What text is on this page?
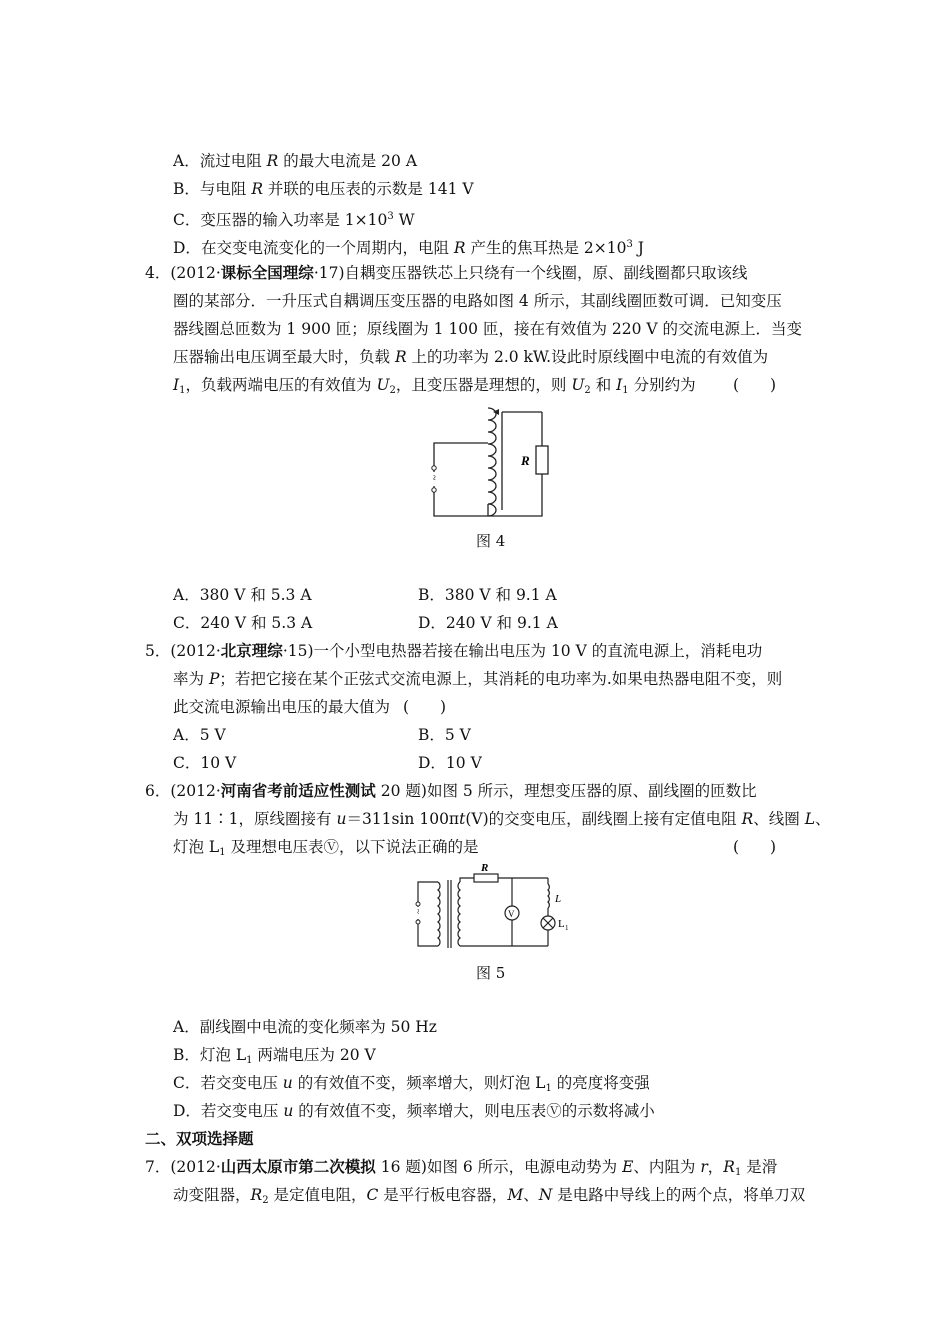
A．流过电阻 R 的最大电流是 20 A
B．与电阻 R 并联的电压表的示数是 141 V
C．变压器的输入功率是 $1\times 10^3$ W
D．在交变电流变化的一个周期内，电阻 R 产生的焦耳热是 $2\times 10^3$ J
4．(2012·课标全国理综·17)自耦变压器铁芯上只绕有一个线圈，原、副线圈都只取该线
圈的某部分．一升压式自耦调压变压器的电路如图 4 所示，其副线圈匝数可调．已知变压
器线圈总匝数为 1 900 匝；原线圈为 1 100 匝，接在有效值为 220 V 的交流电源上．当变
压器输出电压调至最大时，负载 R 上的功率为 2.0 kW.设此时原线圈中电流的有效值为
$I_1$，负载两端电压的有效值为 $U_2$，且变压器是理想的，则 $U_2$ 和 $I_1$ 分别约为 (　　)
~
R
图 4
A．380 V 和 5.3 A	B．380 V 和 9.1 A
C．240 V 和 5.3 A	D．240 V 和 9.1 A
5．(2012·北京理综·15)一个小型电热器若接在输出电压为 10 V 的直流电源上，消耗电功
率为 P；若把它接在某个正弦式交流电源上，其消耗的电功率为.如果电热器电阻不变，则
此交流电源输出电压的最大值为 (　　)
A．5 V	B．5 V
C．10 V	D．10 V
6．(2012·河南省考前适应性测试 20 题)如图 5 所示，理想变压器的原、副线圈的匝数比
为 11∶1，原线圈接有 u＝311sin 100πt(V)的交变电压，副线圈上接有定值电阻 R、线圈 L、
灯泡 $L_1$ 及理想电压表Ⓥ，以下说法正确的是	(　　)
~
R
V
L
L 1
图 5
A．副线圈中电流的变化频率为 50 Hz
B．灯泡 $L_1$ 两端电压为 20 V
C．若交变电压 u 的有效值不变，频率增大，则灯泡 $L_1$ 的亮度将变强
D．若交变电压 u 的有效值不变，频率增大，则电压表Ⓥ的示数将减小
二、双项选择题
7．(2012·山西太原市第二次模拟 16 题)如图 6 所示，电源电动势为 E、内阻为 r，$R_1$ 是滑
动变阻器，$R_2$ 是定值电阻，C 是平行板电容器，M、N 是电路中导线上的两个点，将单刀双
